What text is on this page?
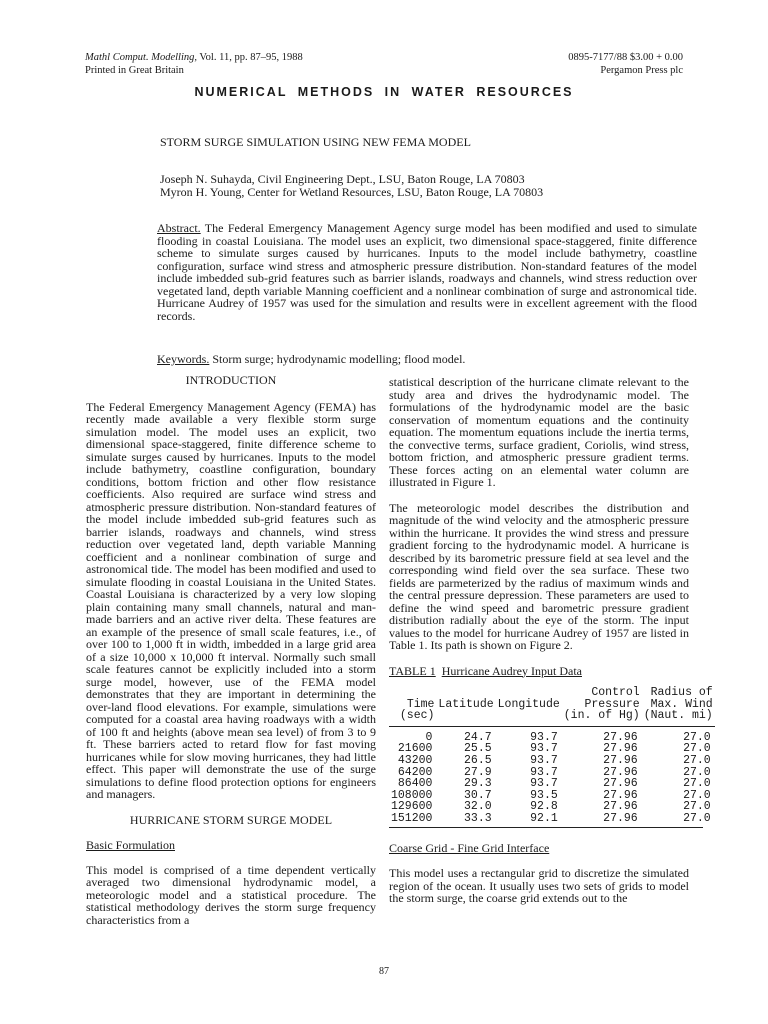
Mathl Comput. Modelling, Vol. 11, pp. 87–95, 1988
Printed in Great Britain
0895-7177/88 $3.00 + 0.00
Pergamon Press plc
NUMERICAL METHODS IN WATER RESOURCES

STORM SURGE SIMULATION USING NEW FEMA MODEL

Joseph N. Suhayda, Civil Engineering Dept., LSU, Baton Rouge, LA 70803

Myron H. Young, Center for Wetland Resources, LSU, Baton Rouge, LA 70803

Abstract. The Federal Emergency Management Agency surge model has been modified and used to simulate flooding in coastal Louisiana. The model uses an explicit, two dimensional space-staggered, finite difference scheme to simulate surges caused by hurricanes. Inputs to the model include bathymetry, coastline configuration, surface wind stress and atmospheric pressure distribution. Non-standard features of the model include imbedded sub-grid features such as barrier islands, roadways and channels, wind stress reduction over vegetated land, depth variable Manning coefficient and a nonlinear combination of surge and astronomical tide. Hurricane Audrey of 1957 was used for the simulation and results were in excellent agreement with the flood records.

Keywords. Storm surge; hydrodynamic modelling; flood model.

INTRODUCTION

The Federal Emergency Management Agency (FEMA) has recently made available a very flexible storm surge simulation model. The model uses an explicit, two dimensional space-staggered, finite difference scheme to simulate surges caused by hurricanes. Inputs to the model include bathymetry, coastline configuration, boundary conditions, bottom friction and other flow resistance coefficients. Also required are surface wind stress and atmospheric pressure distribution. Non-standard features of the model include imbedded sub-grid features such as barrier islands, roadways and channels, wind stress reduction over vegetated land, depth variable Manning coefficient and a nonlinear combination of surge and astronomical tide. The model has been modified and used to simulate flooding in coastal Louisiana in the United States. Coastal Louisiana is characterized by a very low sloping plain containing many small channels, natural and man-made barriers and an active river delta. These features are an example of the presence of small scale features, i.e., of over 100 to 1,000 ft in width, imbedded in a large grid area of a size 10,000 x 10,000 ft interval. Normally such small scale features cannot be explicitly included into a storm surge model, however, use of the FEMA model demonstrates that they are important in determining the over-land flood elevations. For example, simulations were computed for a coastal area having roadways with a width of 100 ft and heights (above mean sea level) of from 3 to 9 ft. These barriers acted to retard flow for fast moving hurricanes while for slow moving hurricanes, they had little effect. This paper will demonstrate the use of the surge simulations to define flood protection options for engineers and managers.

HURRICANE STORM SURGE MODEL

Basic Formulation

This model is comprised of a time dependent vertically averaged two dimensional hydrodynamic model, a meteorologic model and a statistical procedure. The statistical methodology derives the storm surge frequency characteristics from a

statistical description of the hurricane climate relevant to the study area and drives the hydrodynamic model. The formulations of the hydrodynamic model are the basic conservation of momentum equations and the continuity equation. The momentum equations include the inertia terms, the convective terms, surface gradient, Coriolis, wind stress, bottom friction, and atmospheric pressure gradient terms. These forces acting on an elemental water column are illustrated in Figure 1.

The meteorologic model describes the distribution and magnitude of the wind velocity and the atmospheric pressure within the hurricane. It provides the wind stress and pressure gradient forcing to the hydrodynamic model. A hurricane is described by its barometric pressure field at sea level and the corresponding wind field over the sea surface. These two fields are parmeterized by the radius of maximum winds and the central pressure depression. These parameters are used to define the wind speed and barometric pressure gradient distribution radially about the eye of the storm. The input values to the model for hurricane Audrey of 1957 are listed in Table 1. Its path is shown on Figure 2.

TABLE 1 Hurricane Audrey Input Data

			Control	Radius of
Time	Latitude	Longitude	Pressure	Max. Wind
(sec)			(in. of Hg)	(Naut. mi)
0	24.7	93.7	27.96	27.0
21600	25.5	93.7	27.96	27.0
43200	26.5	93.7	27.96	27.0
64200	27.9	93.7	27.96	27.0
86400	29.3	93.7	27.96	27.0
108000	30.7	93.5	27.96	27.0
129600	32.0	92.8	27.96	27.0
151200	33.3	92.1	27.96	27.0

Coarse Grid - Fine Grid Interface

This model uses a rectangular grid to discretize the simulated region of the ocean. It usually uses two sets of grids to model the storm surge, the coarse grid extends out to the

87
